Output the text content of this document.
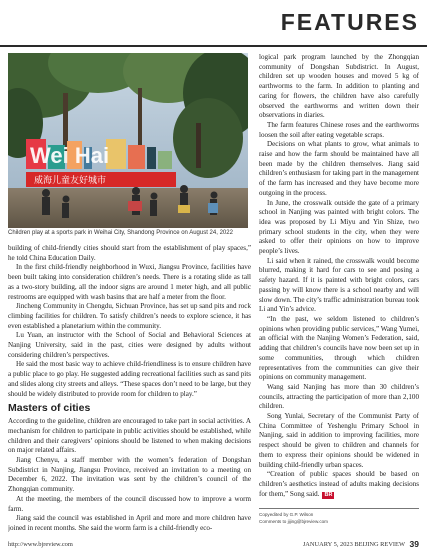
FEATURES
Wei Hai
威海儿童友好城市
Children play at a sports park in Weihai City, Shandong Province on August 24, 2022

building of child-friendly cities should start from the establishment of play spaces,” he told China Education Daily.

In the first child-friendly neighborhood in Wuxi, Jiangsu Province, facilities have been built taking into consideration children’s needs. There is a rotating slide as tall as a two-story building, all the indoor signs are around 1 meter high, and all public restrooms are equipped with wash basins that are half a meter from the floor.

Jincheng Community in Chengdu, Sichuan Province, has set up sand pits and rock climbing facilities for children. To satisfy children’s needs to explore science, it has even established a planetarium within the community.

Lu Yuan, an instructor with the School of Social and Behavioral Sciences at Nanjing University, said in the past, cities were designed by adults without considering children’s perspectives.

He said the most basic way to achieve child-friendliness is to ensure children have a public place to go play. He suggested adding recreational facilities such as sand pits and slides along city streets and alleys. “These spaces don’t need to be large, but they should be widely distributed to provide room for children to play.”

Masters of cities

According to the guideline, children are encouraged to take part in social activities. A mechanism for children to participate in public activities should be established, while children and their caregivers’ opinions should be listened to when making decisions on major related affairs.

Jiang Chenyu, a staff member with the women’s federation of Dongshan Subdistrict in Nanjing, Jiangsu Province, received an invitation to a meeting on December 6, 2022. The invitation was sent by the children’s council of the Zhongqian community.

At the meeting, the members of the council discussed how to improve a worm farm.

Jiang said the council was established in April and more and more children have joined in recent months. She said the worm farm is a child-friendly eco-

logical park program launched by the Zhongqian community of Dongshan Subdistrict. In August, children set up wooden houses and moved 5 kg of earthworms to the farm. In addition to planting and caring for flowers, the children have also carefully observed the earthworms and written down their observations in diaries.

The farm features Chinese roses and the earthworms loosen the soil after eating vegetable scraps.

Decisions on what plants to grow, what animals to raise and how the farm should be maintained have all been made by the children themselves. Jiang said children’s enthusiasm for taking part in the management of the farm has increased and they have become more outgoing in the process.

In June, the crosswalk outside the gate of a primary school in Nanjing was painted with bright colors. The idea was proposed by Li Miyu and Yin Shize, two primary school students in the city, when they were asked to offer their opinions on how to improve people’s lives.

Li said when it rained, the crosswalk would become blurred, making it hard for cars to see and posing a safety hazard. If it is painted with bright colors, cars passing by will know there is a school nearby and will slow down. The city’s traffic administration bureau took Li and Yin’s advice.

“In the past, we seldom listened to children’s opinions when providing public services,” Wang Yumei, an official with the Nanjing Women’s Federation, said, adding that children’s councils have now been set up in some communities, through which children representatives from the communities can give their opinions on community management.

Wang said Nanjing has more than 30 children’s councils, attracting the participation of more than 2,100 children.

Song Yunlai, Secretary of the Communist Party of China Committee of Yeshenglu Primary School in Nanjing, said in addition to improving facilities, more respect should be given to children and channels for them to express their opinions should be widened in building child-friendly urban spaces.

“Creation of public spaces should be based on children’s aesthetics instead of adults making decisions for them,” Song said. BR

Copyedited by G.P. Wilson
Comments to jijing@bjreview.com
http://www.bjreview.com	JANUARY 5, 2023 BEIJING REVIEW 39
